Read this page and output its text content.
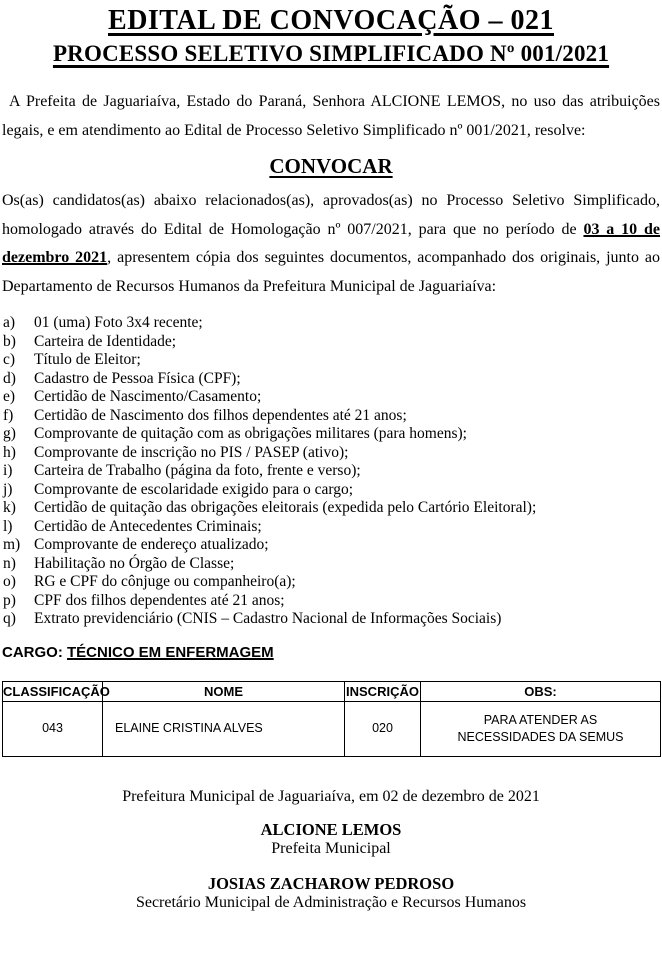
EDITAL DE CONVOCAÇÃO – 021
PROCESSO SELETIVO SIMPLIFICADO Nº 001/2021

A Prefeita de Jaguariaíva, Estado do Paraná, Senhora ALCIONE LEMOS, no uso das atribuições legais, e em atendimento ao Edital de Processo Seletivo Simplificado nº 001/2021, resolve:

CONVOCAR

Os(as) candidatos(as) abaixo relacionados(as), aprovados(as) no Processo Seletivo Simplificado, homologado através do Edital de Homologação nº 007/2021, para que no período de 03 a 10 de dezembro 2021, apresentem cópia dos seguintes documentos, acompanhado dos originais, junto ao Departamento de Recursos Humanos da Prefeitura Municipal de Jaguariaíva:

a)	01 (uma) Foto 3x4 recente;
b)	Carteira de Identidade;
c)	Título de Eleitor;
d)	Cadastro de Pessoa Física (CPF);
e)	Certidão de Nascimento/Casamento;
f)	Certidão de Nascimento dos filhos dependentes até 21 anos;
g)	Comprovante de quitação com as obrigações militares (para homens);
h)	Comprovante de inscrição no PIS / PASEP (ativo);
i)	Carteira de Trabalho (página da foto, frente e verso);
j)	Comprovante de escolaridade exigido para o cargo;
k)	Certidão de quitação das obrigações eleitorais (expedida pelo Cartório Eleitoral);
l)	Certidão de Antecedentes Criminais;
m) Comprovante de endereço atualizado;
n)	Habilitação no Órgão de Classe;
o)	RG e CPF do cônjuge ou companheiro(a);
p)	CPF dos filhos dependentes até 21 anos;
q)	Extrato previdenciário (CNIS – Cadastro Nacional de Informações Sociais)
CARGO: TÉCNICO EM ENFERMAGEM
CLASSIFICAÇÃO	NOME	INSCRIÇÃO	OBS:
043	ELAINE CRISTINA ALVES	020	PARA ATENDER AS NECESSIDADES DA SEMUS
Prefeitura Municipal de Jaguariaíva, em 02 de dezembro de 2021
ALCIONE LEMOS
Prefeita Municipal
JOSIAS ZACHAROW PEDROSO
Secretário Municipal de Administração e Recursos Humanos
